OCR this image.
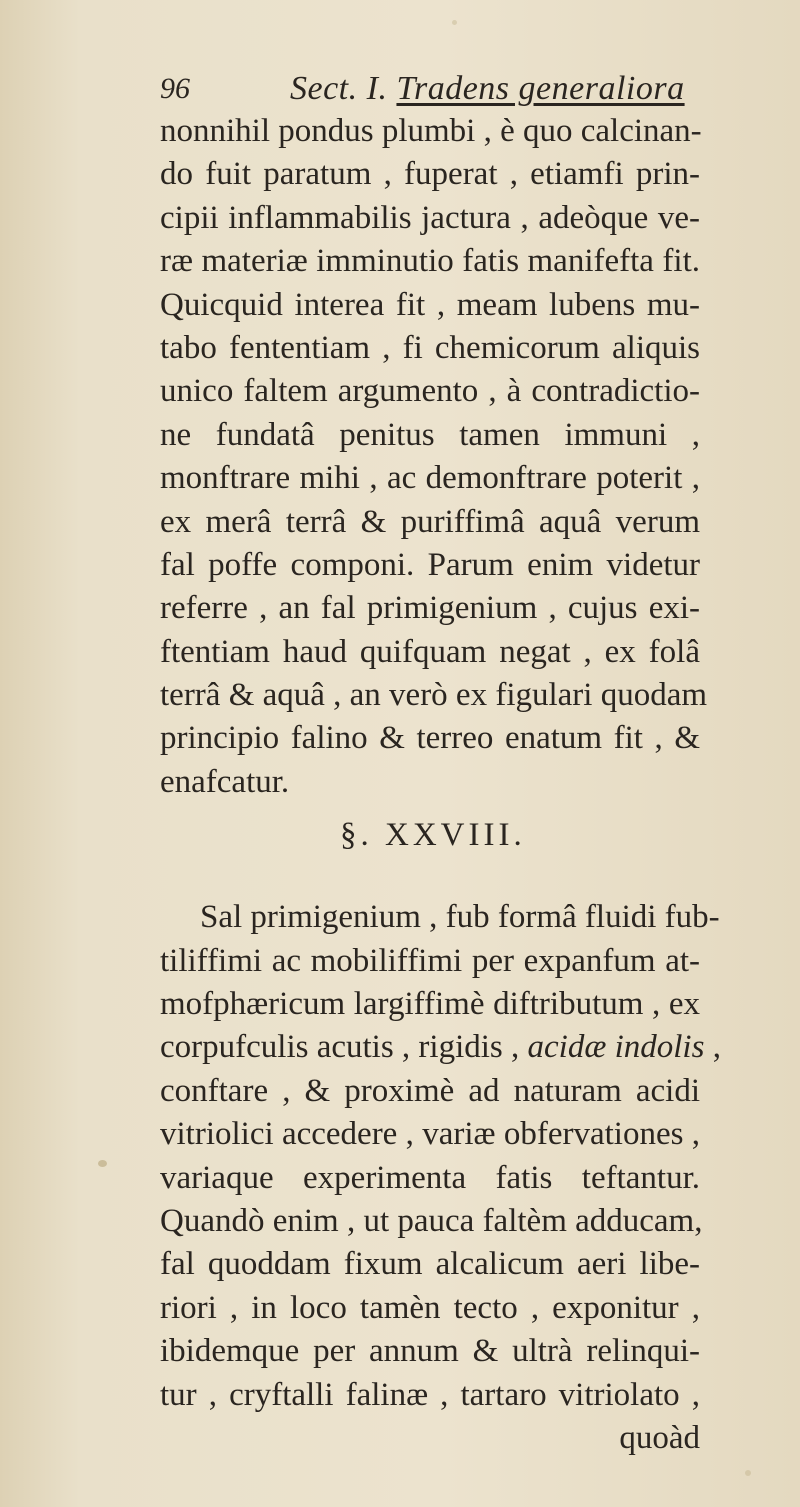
96	Sect. I. Tradens generaliora
nonnihil pondus plumbi , è quo calcinan-
do fuit paratum , fuperat , etiamfi prin-
cipii inflammabilis jactura , adeòque ve-
ræ materiæ imminutio fatis manifefta fit.
Quicquid interea fit , meam lubens mu-
tabo fententiam , fi chemicorum aliquis
unico faltem argumento , à contradictio-
ne fundatâ penitus tamen immuni ,
monftrare mihi , ac demonftrare poterit ,
ex merâ terrâ & puriffimâ aquâ verum
fal poffe componi. Parum enim videtur
referre , an fal primigenium , cujus exi-
ftentiam haud quifquam negat , ex folâ
terrâ & aquâ , an verò ex figulari quodam
principio falino & terreo enatum fit , &
enafcatur.
§. XXVIII.
Sal primigenium , fub formâ fluidi fub-
tiliffimi ac mobiliffimi per expanfum at-
mofphæricum largiffimè diftributum , ex
corpufculis acutis , rigidis , acidæ indolis ,
conftare , & proximè ad naturam acidi
vitriolici accedere , variæ obfervationes ,
variaque experimenta fatis teftantur.
Quandò enim , ut pauca faltèm adducam,
fal quoddam fixum alcalicum aeri libe-
riori , in loco tamèn tecto , exponitur ,
ibidemque per annum & ultrà relinqui-
tur , cryftalli falinæ , tartaro vitriolato ,
quoàd
